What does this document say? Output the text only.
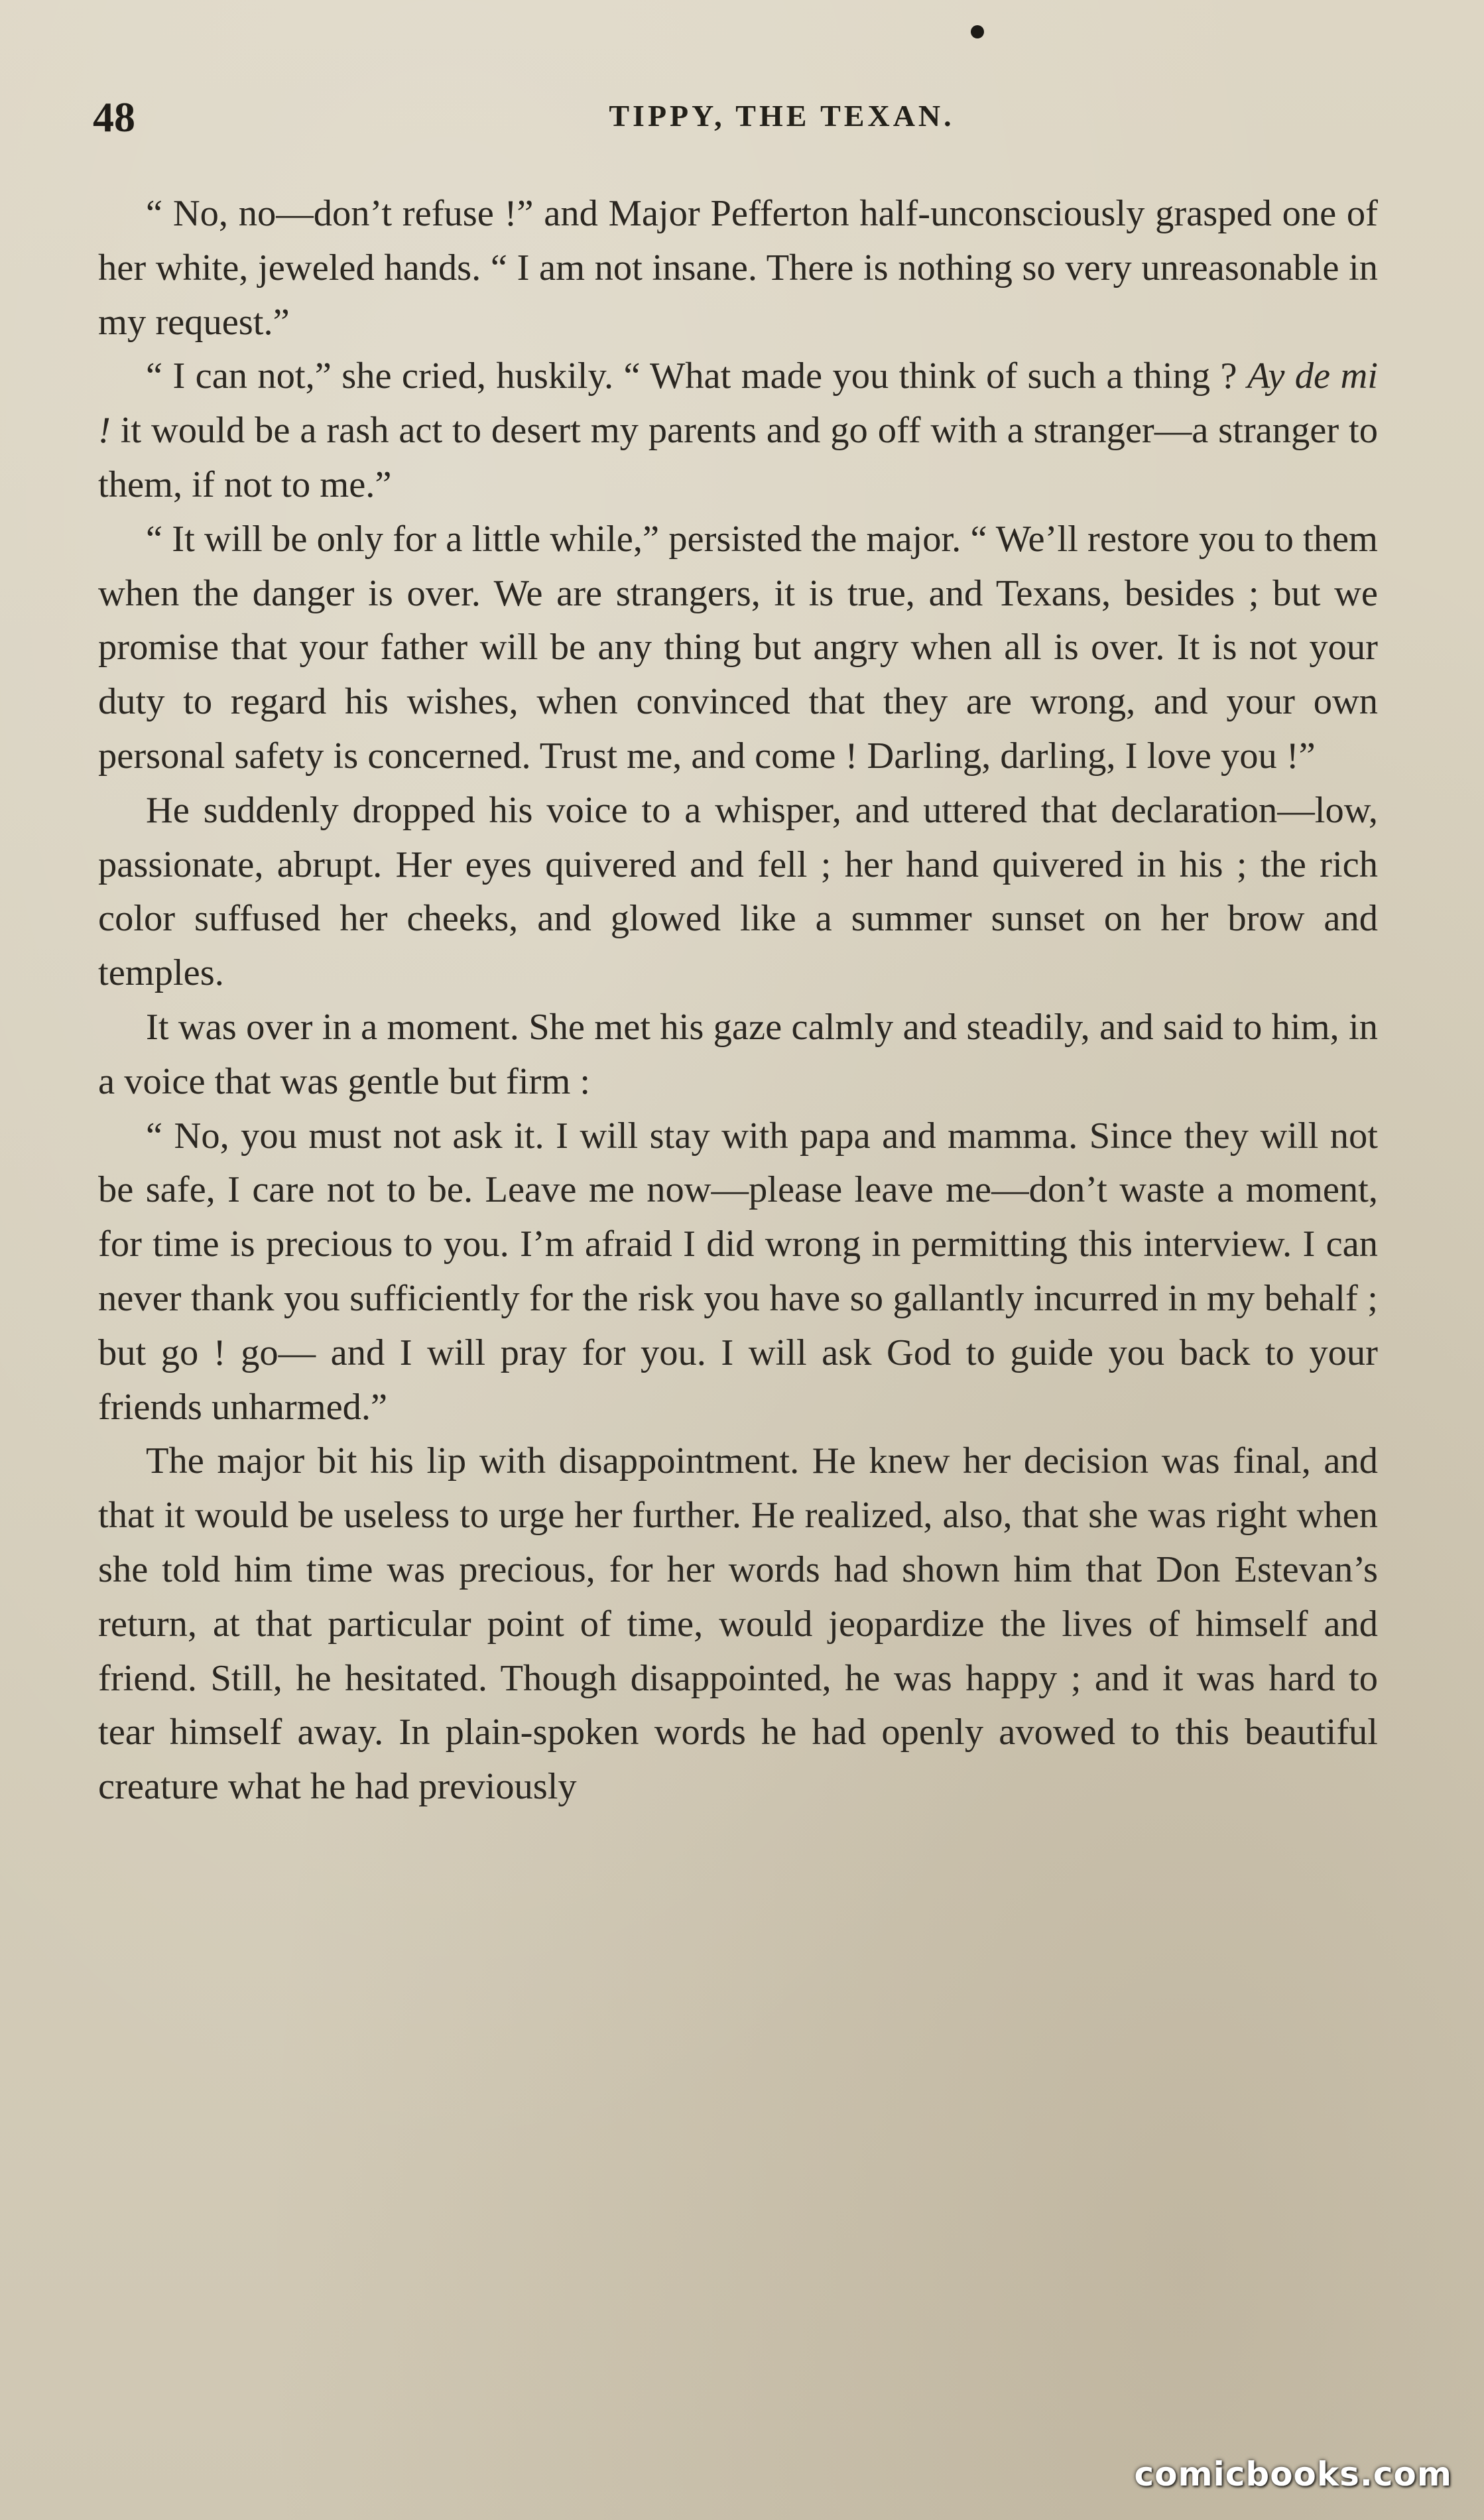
48	TIPPY, THE TEXAN.

“ No, no—don’t refuse !” and Major Pefferton half-unconsciously grasped one of her white, jeweled hands. “ I am not insane. There is nothing so very unreasonable in my request.”

“ I can not,” she cried, huskily. “ What made you think of such a thing ? Ay de mi ! it would be a rash act to desert my parents and go off with a stranger—a stranger to them, if not to me.”

“ It will be only for a little while,” persisted the major. “ We’ll restore you to them when the danger is over. We are strangers, it is true, and Texans, besides ; but we promise that your father will be any thing but angry when all is over. It is not your duty to regard his wishes, when convinced that they are wrong, and your own personal safety is concerned. Trust me, and come ! Darling, darling, I love you !”

He suddenly dropped his voice to a whisper, and uttered that declaration—low, passionate, abrupt. Her eyes quivered and fell ; her hand quivered in his ; the rich color suffused her cheeks, and glowed like a summer sunset on her brow and temples.

It was over in a moment. She met his gaze calmly and steadily, and said to him, in a voice that was gentle but firm :

“ No, you must not ask it. I will stay with papa and mamma. Since they will not be safe, I care not to be. Leave me now—please leave me—don’t waste a moment, for time is precious to you. I’m afraid I did wrong in permitting this interview. I can never thank you sufficiently for the risk you have so gallantly incurred in my behalf ; but go ! go— and I will pray for you. I will ask God to guide you back to your friends unharmed.”

The major bit his lip with disappointment. He knew her decision was final, and that it would be useless to urge her further. He realized, also, that she was right when she told him time was precious, for her words had shown him that Don Estevan’s return, at that particular point of time, would jeopardize the lives of himself and friend. Still, he hesitated. Though disappointed, he was happy ; and it was hard to tear himself away. In plain-spoken words he had openly avowed to this beautiful creature what he had previously

comicbooks.com
